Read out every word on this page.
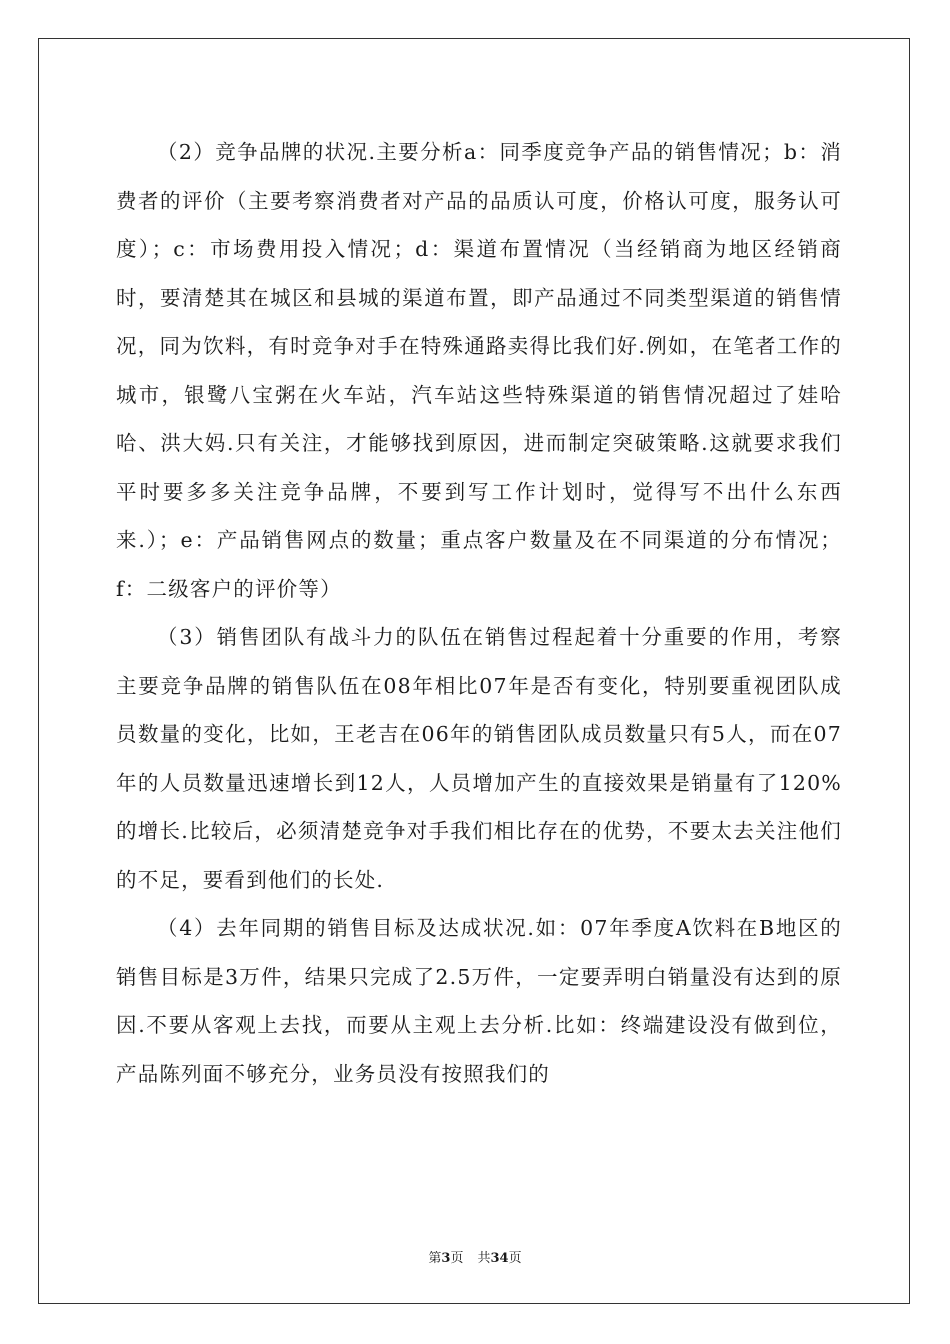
（2）竞争品牌的状况.主要分析a：同季度竞争产品的销售情况；b：消费者的评价（主要考察消费者对产品的品质认可度，价格认可度，服务认可度）；c：市场费用投入情况；d：渠道布置情况（当经销商为地区经销商时，要清楚其在城区和县城的渠道布置，即产品通过不同类型渠道的销售情况，同为饮料，有时竞争对手在特殊通路卖得比我们好.例如，在笔者工作的城市，银鹭八宝粥在火车站，汽车站这些特殊渠道的销售情况超过了娃哈哈、洪大妈.只有关注，才能够找到原因，进而制定突破策略.这就要求我们平时要多多关注竞争品牌，不要到写工作计划时，觉得写不出什么东西来.）；e：产品销售网点的数量；重点客户数量及在不同渠道的分布情况；f：二级客户的评价等）

（3）销售团队有战斗力的队伍在销售过程起着十分重要的作用，考察主要竞争品牌的销售队伍在08年相比07年是否有变化，特别要重视团队成员数量的变化，比如，王老吉在06年的销售团队成员数量只有5人，而在07年的人员数量迅速增长到12人，人员增加产生的直接效果是销量有了120%的增长.比较后，必须清楚竞争对手我们相比存在的优势，不要太去关注他们的不足，要看到他们的长处.

（4）去年同期的销售目标及达成状况.如：07年季度A饮料在B地区的销售目标是3万件，结果只完成了2.5万件，一定要弄明白销量没有达到的原因.不要从客观上去找，而要从主观上去分析.比如：终端建设没有做到位，产品陈列面不够充分，业务员没有按照我们的

第3页 共34页
